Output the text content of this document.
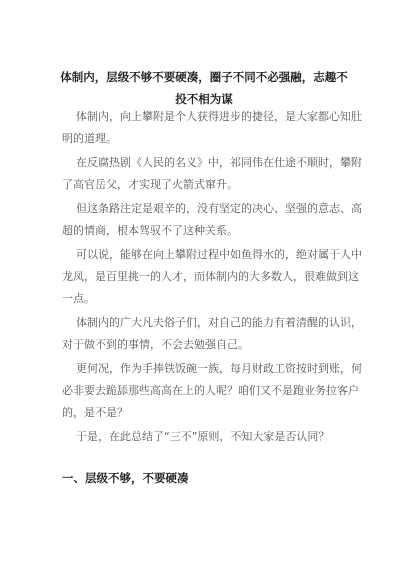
体制内，层级不够不要硬凑，圈子不同不必强融，志趣不
投不相为谋

体制内，向上攀附是个人获得进步的捷径，是大家都心知肚明的道理。

在反腐热剧《人民的名义》中，祁同伟在仕途不顺时，攀附了高官岳父，才实现了火箭式窜升。

但这条路注定是艰辛的，没有坚定的决心、坚强的意志、高超的情商，根本驾驭不了这种关系。

可以说，能够在向上攀附过程中如鱼得水的，绝对属于人中龙凤，是百里挑一的人才，而体制内的大多数人，很难做到这一点。

体制内的广大凡夫俗子们，对自己的能力有着清醒的认识，对于做不到的事情，不会去勉强自己。

更何况，作为手捧铁饭碗一族，每月财政工资按时到账，何必非要去跪舔那些高高在上的人呢？咱们又不是跑业务拉客户的，是不是？

于是，在此总结了“三不”原则，不知大家是否认同？

一、层级不够，不要硬凑
